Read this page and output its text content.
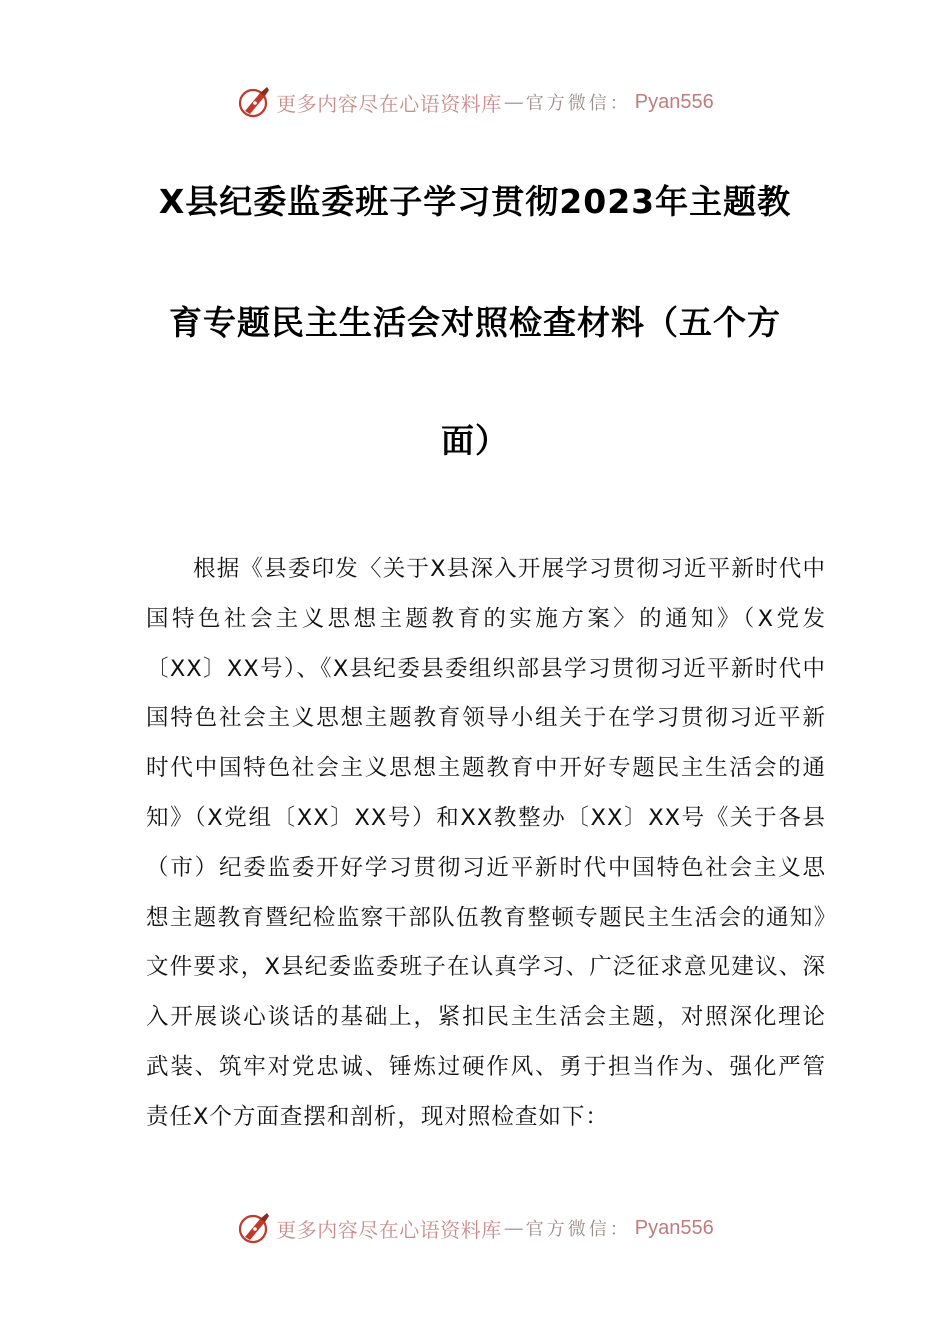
更多内容尽在心语资料库 — 官方微信： Pyan556
X县纪委监委班子学习贯彻2023年主题教
育专题民主生活会对照检查材料（五个方
面）

根据《县委印发〈关于X县深入开展学习贯彻习近平新时代中国特色社会主义思想主题教育的实施方案〉的通知》（X党发〔XX〕XX号）、《X县纪委县委组织部县学习贯彻习近平新时代中国特色社会主义思想主题教育领导小组关于在学习贯彻习近平新时代中国特色社会主义思想主题教育中开好专题民主生活会的通知》（X党组〔XX〕XX号）和XX教整办〔XX〕XX号《关于各县（市）纪委监委开好学习贯彻习近平新时代中国特色社会主义思想主题教育暨纪检监察干部队伍教育整顿专题民主生活会的通知》文件要求，X县纪委监委班子在认真学习、广泛征求意见建议、深入开展谈心谈话的基础上，紧扣民主生活会主题，对照深化理论武装、筑牢对党忠诚、锤炼过硬作风、勇于担当作为、强化严管责任X个方面查摆和剖析，现对照检查如下：

更多内容尽在心语资料库 — 官方微信： Pyan556
